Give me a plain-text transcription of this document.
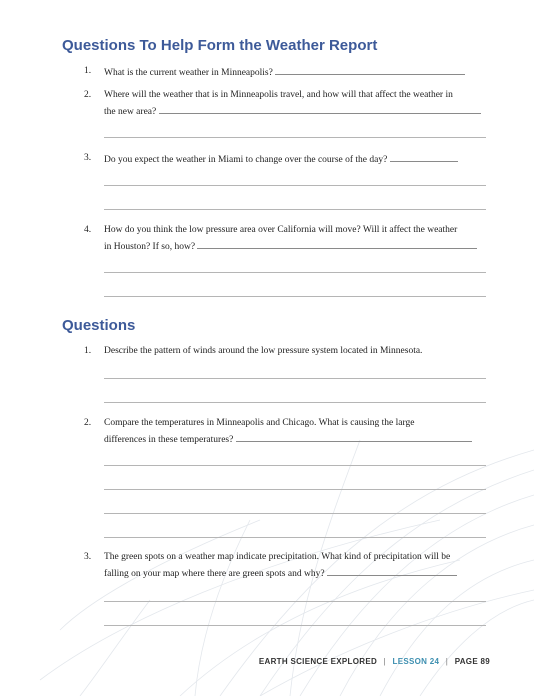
Questions To Help Form the Weather Report
1. What is the current weather in Minneapolis?
2. Where will the weather that is in Minneapolis travel, and how will that affect the weather in
the new area?
3. Do you expect the weather in Miami to change over the course of the day?
4. How do you think the low pressure area over California will move? Will it affect the weather
in Houston? If so, how?
Questions
1. Describe the pattern of winds around the low pressure system located in Minnesota.
2. Compare the temperatures in Minneapolis and Chicago. What is causing the large
differences in these temperatures?
3. The green spots on a weather map indicate precipitation. What kind of precipitation will be
falling on your map where there are green spots and why?
EARTH SCIENCE EXPLORED | LESSON 24 | PAGE 89
